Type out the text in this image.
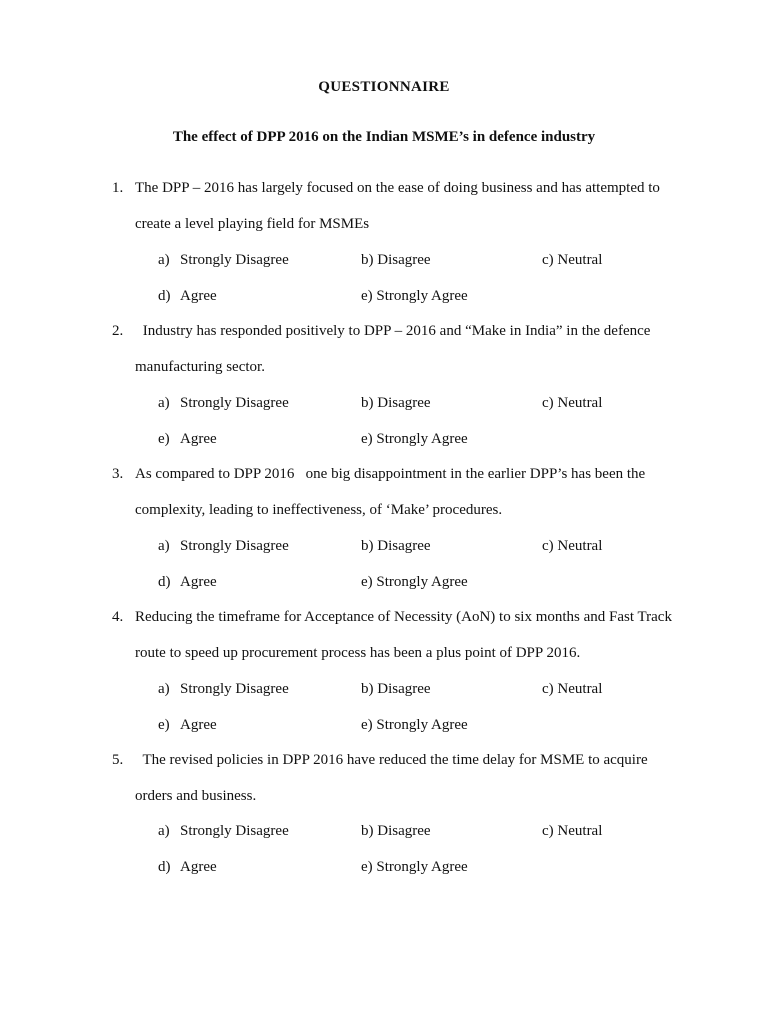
QUESTIONNAIRE
The effect of DPP 2016 on the Indian MSME’s in defence industry
1. The DPP – 2016 has largely focused on the ease of doing business and has attempted to
create a level playing field for MSMEs
a) Strongly Disagree	b) Disagree	c) Neutral
d) Agree	e) Strongly Agree
2. Industry has responded positively to DPP – 2016 and “Make in India” in the defence
manufacturing sector.
a) Strongly Disagree	b) Disagree	c) Neutral
e) Agree	e) Strongly Agree
3. As compared to DPP 2016   one big disappointment in the earlier DPP’s has been the
complexity, leading to ineffectiveness, of ‘Make’ procedures.
a) Strongly Disagree	b) Disagree	c) Neutral
d) Agree	e) Strongly Agree
4. Reducing the timeframe for Acceptance of Necessity (AoN) to six months and Fast Track
route to speed up procurement process has been a plus point of DPP 2016.
a) Strongly Disagree	b) Disagree	c) Neutral
e) Agree	e) Strongly Agree
5. The revised policies in DPP 2016 have reduced the time delay for MSME to acquire
orders and business.
a) Strongly Disagree	b) Disagree	c) Neutral
d) Agree	e) Strongly Agree
